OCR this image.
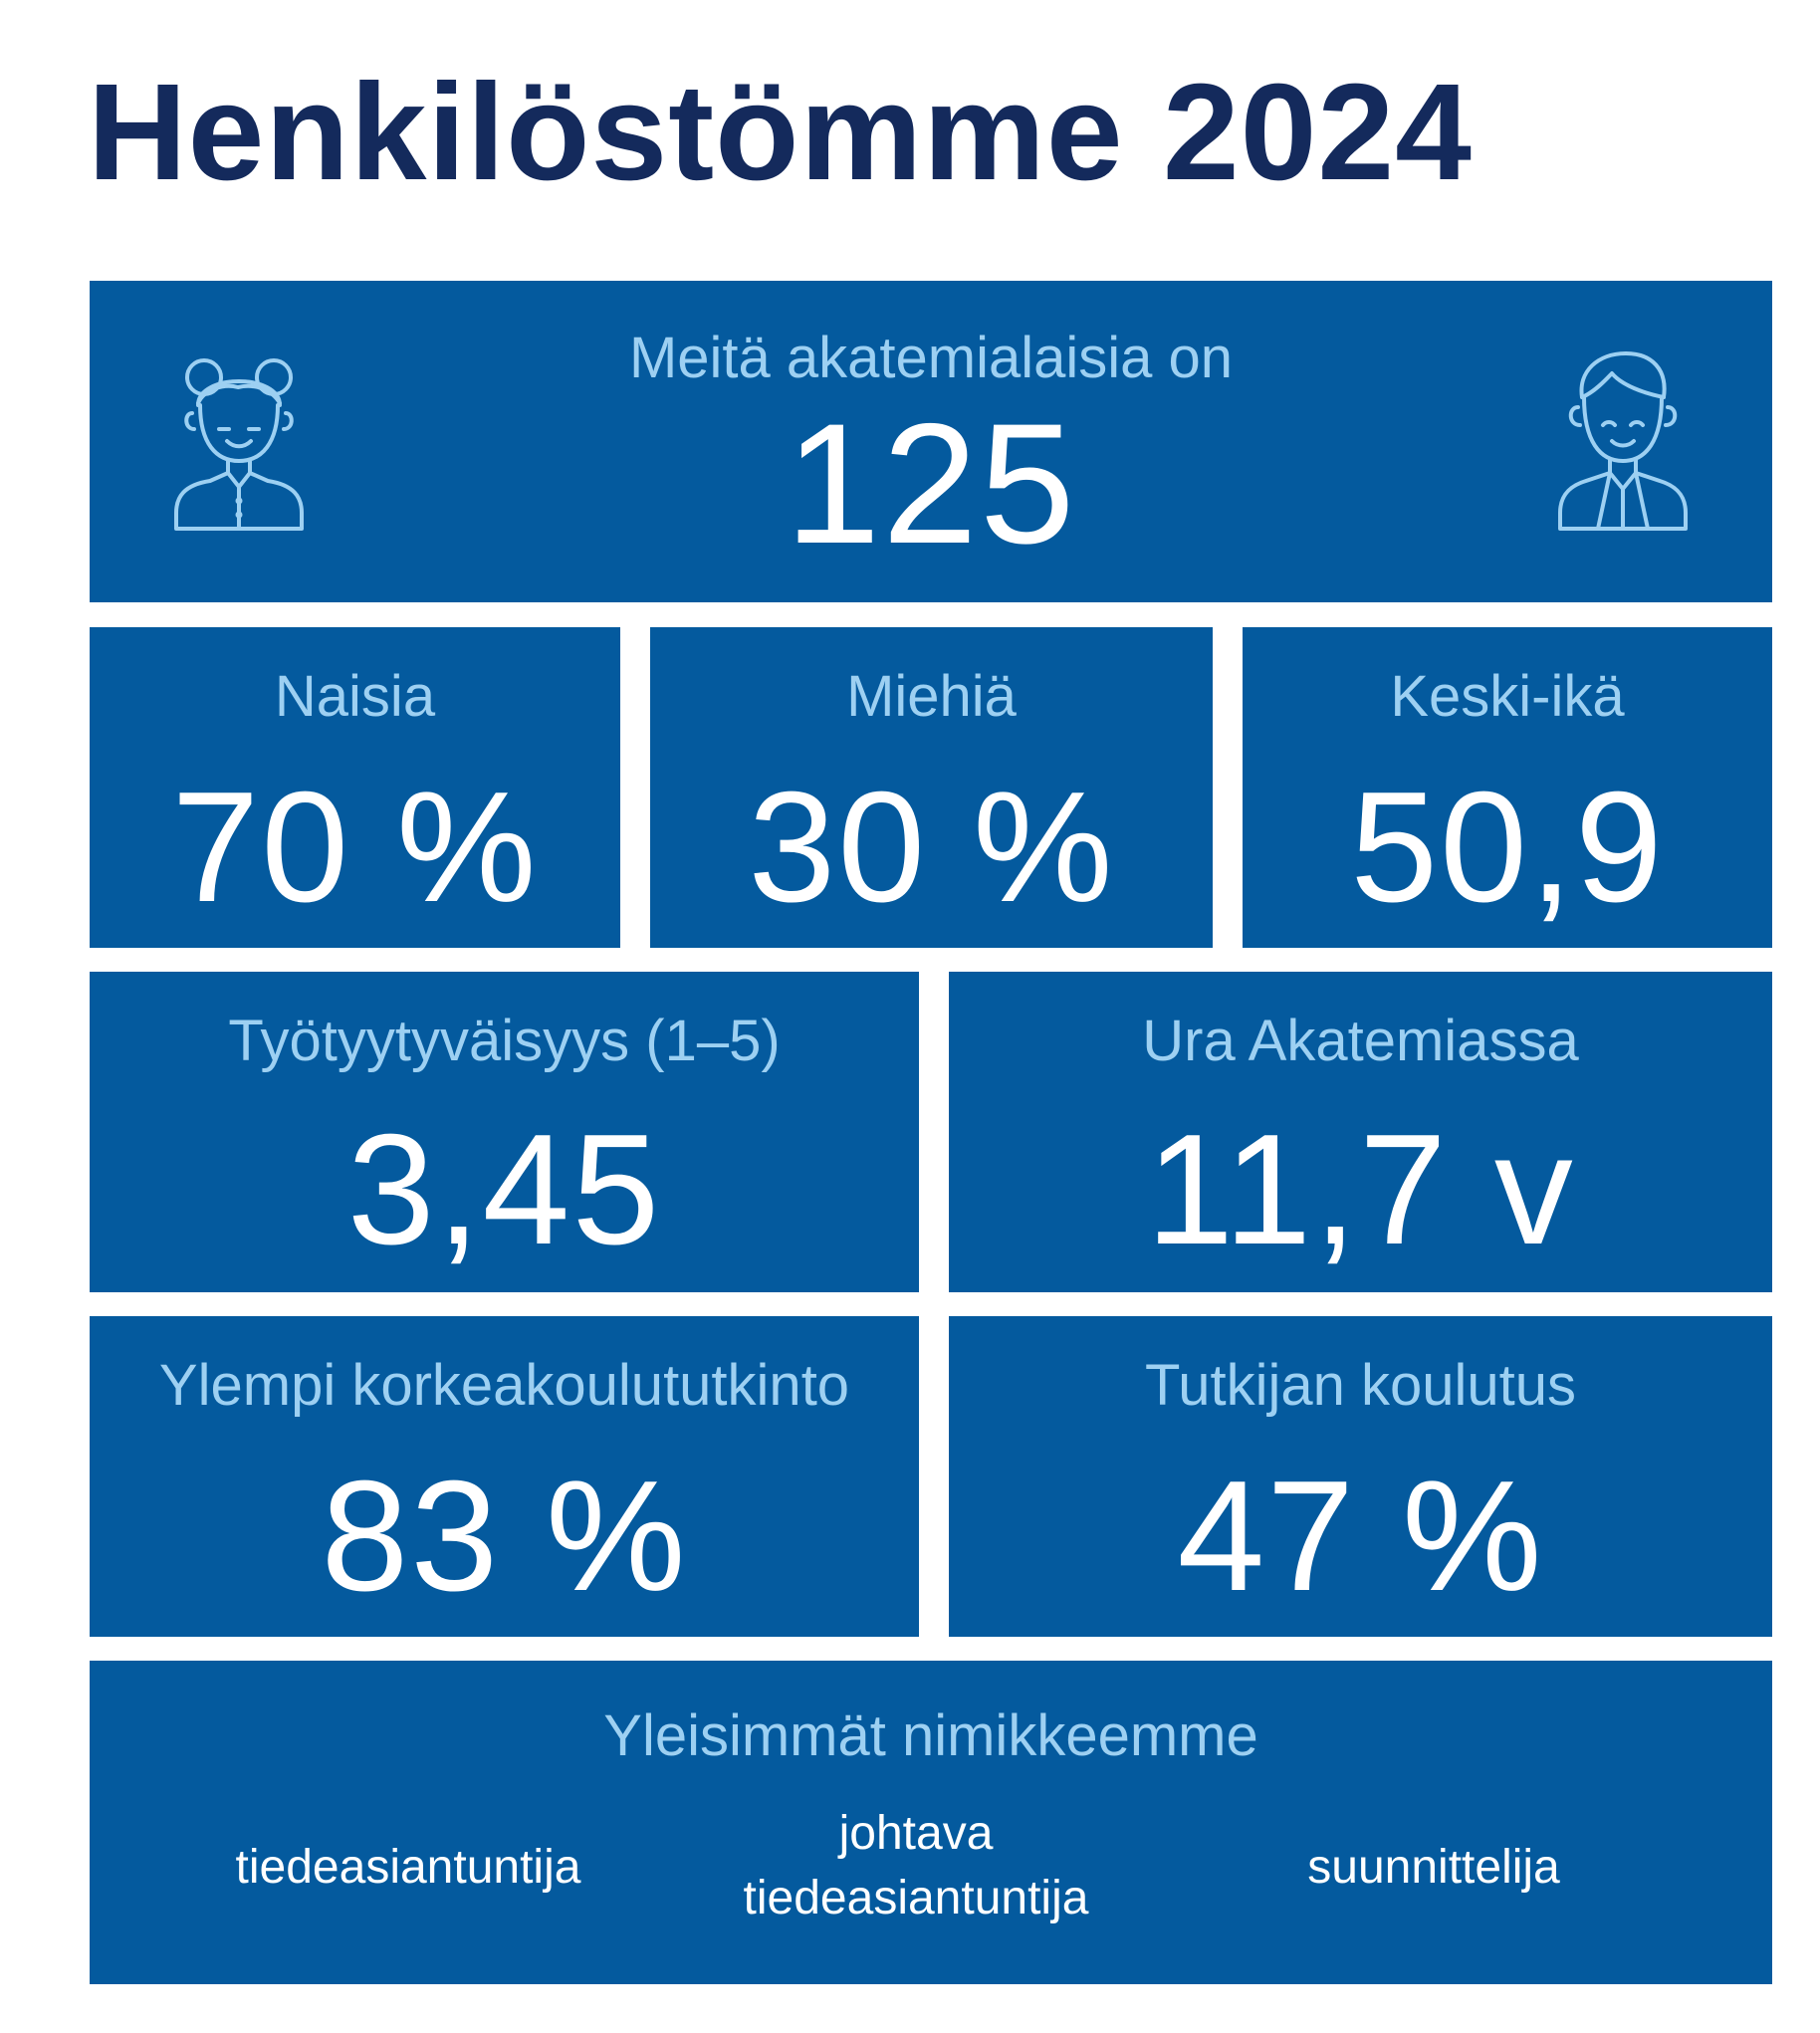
Henkilöstömme 2024
Meitä akatemialaisia on
125
Naisia
70 %
Miehiä
30 %
Keski-ikä
50,9
Työtyytyväisyys (1–5)
3,45
Ura Akatemiassa
11,7 v
Ylempi korkeakoulututkinto
83 %
Tutkijan koulutus
47 %
Yleisimmät nimikkeemme
tiedeasiantuntija
johtava
tiedeasiantuntija
suunnittelija
